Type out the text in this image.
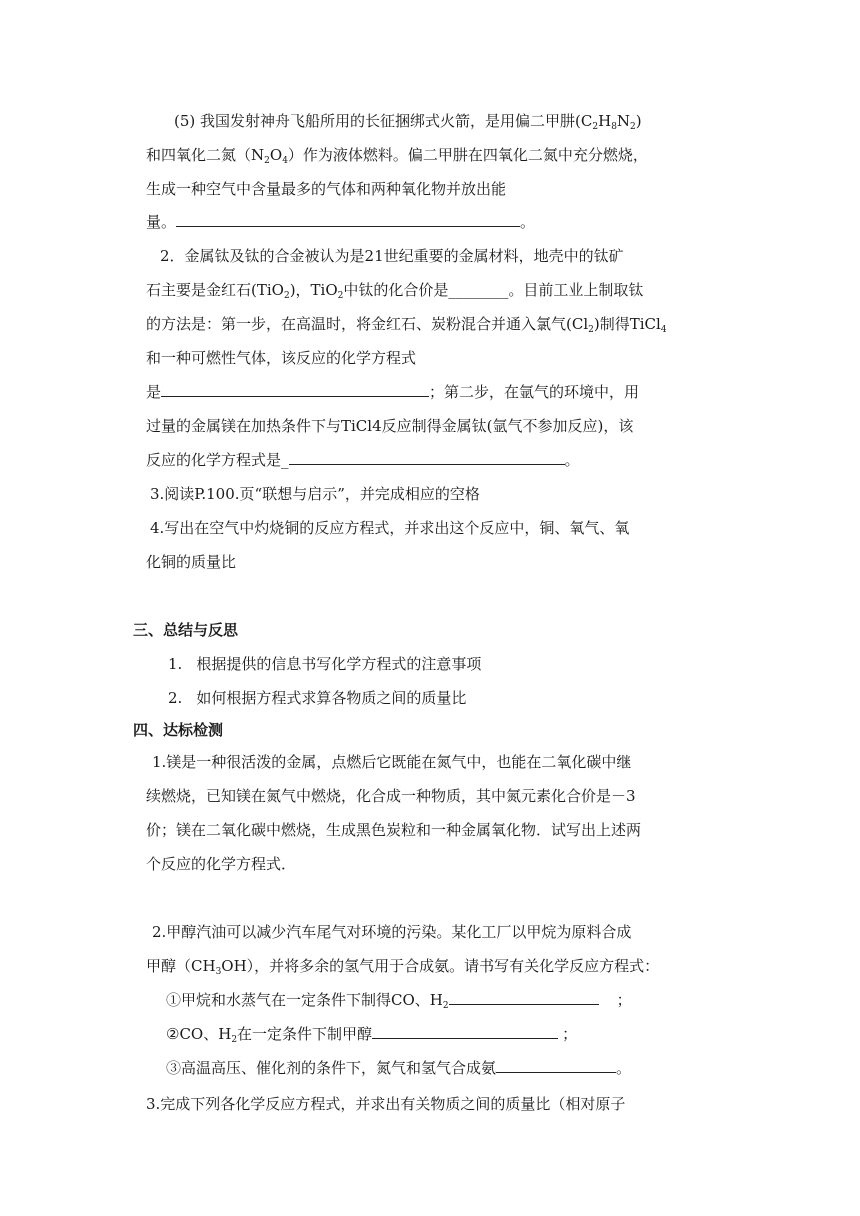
(5) 我国发射神舟飞船所用的长征捆绑式火箭，是用偏二甲肼$(C_2H_8N_2)$
和四氧化二氮$(N_2O_4)$作为液体燃料。偏二甲肼在四氧化二氮中充分燃烧，
生成一种空气中含量最多的气体和两种氧化物并放出能
量。	。
2．金属钛及钛的合金被认为是21世纪重要的金属材料，地壳中的钛矿
石主要是金红石(TiO$_2$)，TiO$_2$中钛的化合价是________。目前工业上制取钛
的方法是：第一步，在高温时，将金红石、炭粉混合并通入氯气$(Cl_2)$制得TiCl$_4$
和一种可燃性气体，该反应的化学方程式
是	；第二步，在氩气的环境中，用
过量的金属镁在加热条件下与TiCl4反应制得金属钛(氩气不参加反应)，该
反应的化学方程式是_	。
3.阅读P.100.页“联想与启示”，并完成相应的空格
4.写出在空气中灼烧铜的反应方程式，并求出这个反应中，铜、氧气、氧
化铜的质量比
三、总结与反思
1. 根据提供的信息书写化学方程式的注意事项
2. 如何根据方程式求算各物质之间的质量比
四、达标检测
1.镁是一种很活泼的金属，点燃后它既能在氮气中，也能在二氧化碳中继
续燃烧，已知镁在氮气中燃烧，化合成一种物质，其中氮元素化合价是－3
价；镁在二氧化碳中燃烧，生成黑色炭粒和一种金属氧化物．试写出上述两
个反应的化学方程式．
2.甲醇汽油可以减少汽车尾气对环境的污染。某化工厂以甲烷为原料合成
甲醇$(CH_3OH)$，并将多余的氢气用于合成氨。请书写有关化学反应方程式：
①甲烷和水蒸气在一定条件下制得CO、$H_2$	；
②CO、$H_2$在一定条件下制甲醇	；
③高温高压、催化剂的条件下，氮气和氢气合成氨	。
3.完成下列各化学反应方程式，并求出有关物质之间的质量比（相对原子
